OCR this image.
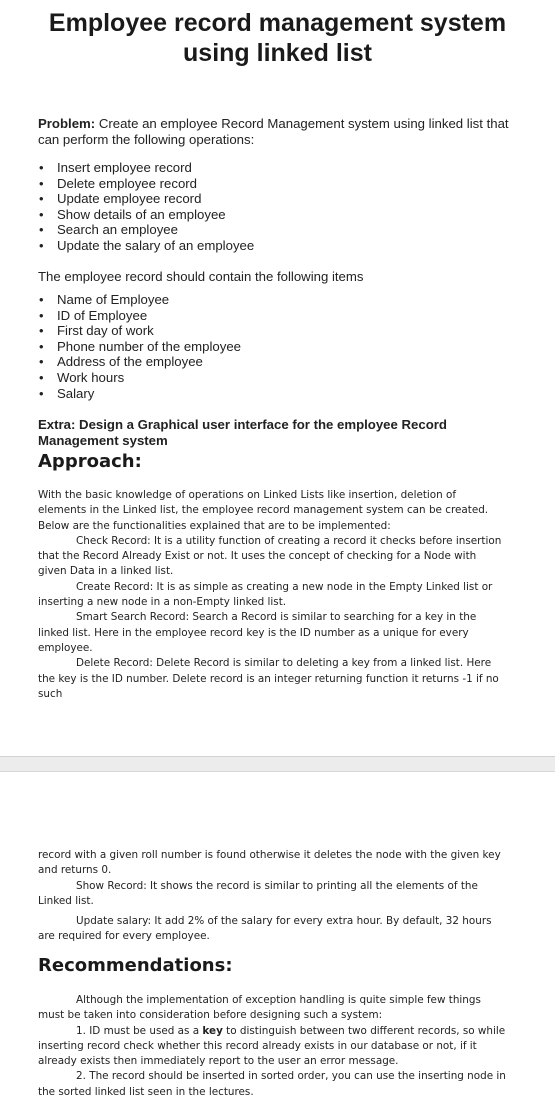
Employee record management system
using linked list
Problem: Create an employee Record Management system using linked list that can perform the following operations:
• Insert employee record
• Delete employee record
• Update employee record
• Show details of an employee
• Search an employee
• Update the salary of an employee
The employee record should contain the following items
• Name of Employee
• ID of Employee
• First day of work
• Phone number of the employee
• Address of the employee
• Work hours
• Salary
Extra: Design a Graphical user interface for the employee Record Management system
Approach:

With the basic knowledge of operations on Linked Lists like insertion, deletion of elements in the Linked list, the employee record management system can be created. Below are the functionalities explained that are to be implemented:

Check Record: It is a utility function of creating a record it checks before insertion that the Record Already Exist or not. It uses the concept of checking for a Node with given Data in a linked list.

Create Record: It is as simple as creating a new node in the Empty Linked list or inserting a new node in a non-Empty linked list.

Smart Search Record: Search a Record is similar to searching for a key in the linked list. Here in the employee record key is the ID number as a unique for every employee.

Delete Record: Delete Record is similar to deleting a key from a linked list. Here the key is the ID number. Delete record is an integer returning function it returns -1 if no such

record with a given roll number is found otherwise it deletes the node with the given key and returns 0.

Show Record: It shows the record is similar to printing all the elements of the Linked list.

Update salary: It add 2% of the salary for every extra hour. By default, 32 hours are required for every employee.

Recommendations:

Although the implementation of exception handling is quite simple few things must be taken into consideration before designing such a system:

1. ID must be used as a key to distinguish between two different records, so while inserting record check whether this record already exists in our database or not, if it already exists then immediately report to the user an error message.

2. The record should be inserted in sorted order, you can use the inserting node in the sorted linked list seen in the lectures.
